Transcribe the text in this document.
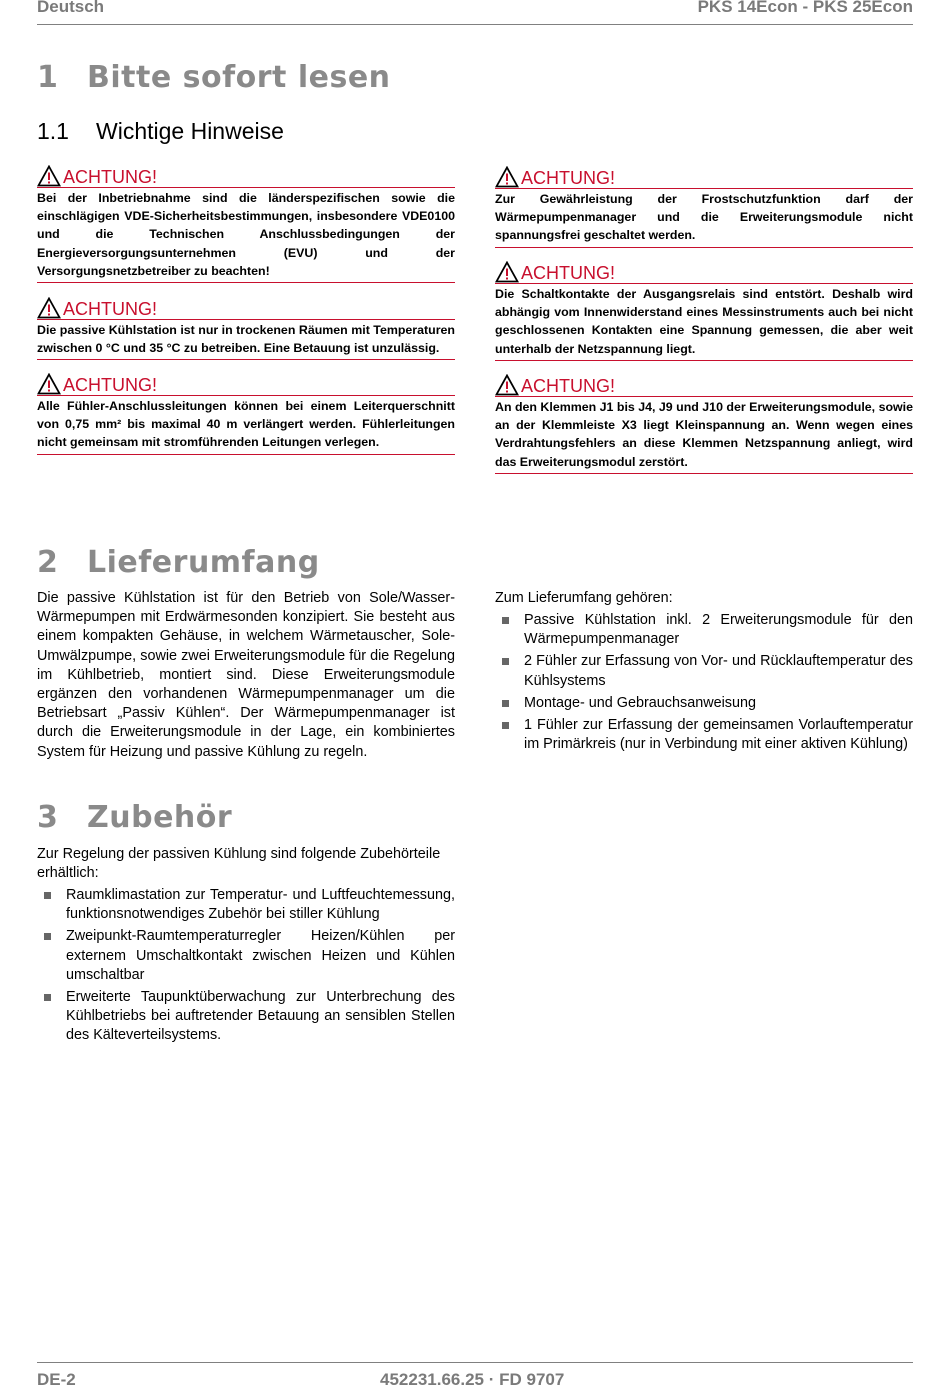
Deutsch	PKS 14Econ - PKS 25Econ
1 Bitte sofort lesen
1.1 Wichtige Hinweise
ACHTUNG!
Bei der Inbetriebnahme sind die länderspezifischen sowie die einschlägigen VDE-Sicherheitsbestimmungen, insbesondere VDE0100 und die Technischen Anschlussbedingungen der Energieversorgungsunternehmen (EVU) und der Versorgungsnetzbetreiber zu beachten!
ACHTUNG!
Die passive Kühlstation ist nur in trockenen Räumen mit Temperaturen zwischen 0 °C und 35 °C zu betreiben. Eine Betauung ist unzulässig.
ACHTUNG!
Alle Fühler-Anschlussleitungen können bei einem Leiterquerschnitt von 0,75 mm² bis maximal 40 m verlängert werden. Fühlerleitungen nicht gemeinsam mit stromführenden Leitungen verlegen.
ACHTUNG!
Zur Gewährleistung der Frostschutzfunktion darf der Wärmepumpenmanager und die Erweiterungsmodule nicht spannungsfrei geschaltet werden.
ACHTUNG!
Die Schaltkontakte der Ausgangsrelais sind entstört. Deshalb wird abhängig vom Innenwiderstand eines Messinstruments auch bei nicht geschlossenen Kontakten eine Spannung gemessen, die aber weit unterhalb der Netzspannung liegt.
ACHTUNG!
An den Klemmen J1 bis J4, J9 und J10 der Erweiterungsmodule, sowie an der Klemmleiste X3 liegt Kleinspannung an. Wenn wegen eines Verdrahtungsfehlers an diese Klemmen Netzspannung anliegt, wird das Erweiterungsmodul zerstört.
2 Lieferumfang
Die passive Kühlstation ist für den Betrieb von Sole/Wasser-Wärmepumpen mit Erdwärmesonden konzipiert. Sie besteht aus einem kompakten Gehäuse, in welchem Wärmetauscher, Sole-Umwälzpumpe, sowie zwei Erweiterungsmodule für die Regelung im Kühlbetrieb, montiert sind. Diese Erweiterungsmodule ergänzen den vorhandenen Wärmepumpenmanager um die Betriebsart „Passiv Kühlen“. Der Wärmepumpenmanager ist durch die Erweiterungsmodule in der Lage, ein kombiniertes System für Heizung und passive Kühlung zu regeln.
Zum Lieferumfang gehören:
Passive Kühlstation inkl. 2 Erweiterungsmodule für den Wärmepumpenmanager
2 Fühler zur Erfassung von Vor- und Rücklauftemperatur des Kühlsystems
Montage- und Gebrauchsanweisung
1 Fühler zur Erfassung der gemeinsamen Vorlauftemperatur im Primärkreis (nur in Verbindung mit einer aktiven Kühlung)
3 Zubehör
Zur Regelung der passiven Kühlung sind folgende Zubehörteile erhältlich:
Raumklimastation zur Temperatur- und Luftfeuchtemessung, funktionsnotwendiges Zubehör bei stiller Kühlung
Zweipunkt-Raumtemperaturregler Heizen/Kühlen per externem Umschaltkontakt zwischen Heizen und Kühlen umschaltbar
Erweiterte Taupunktüberwachung zur Unterbrechung des Kühlbetriebs bei auftretender Betauung an sensiblen Stellen des Kälteverteilsystems.
DE-2	452231.66.25 · FD 9707
